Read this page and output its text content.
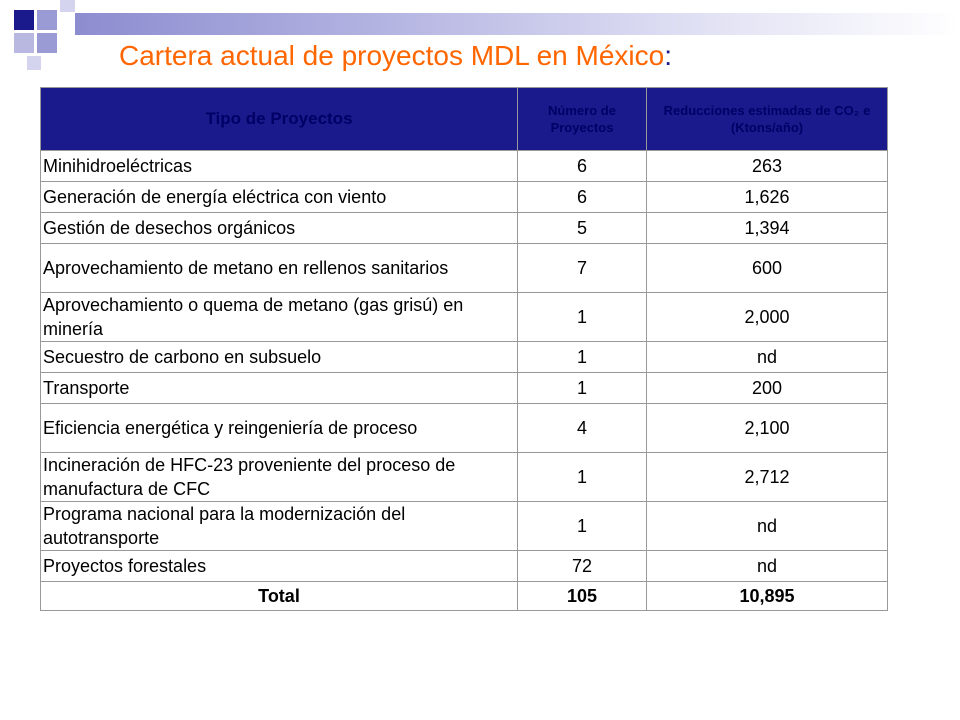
Cartera actual de proyectos MDL en México:
Tipo de Proyectos	Número de Proyectos	Reducciones estimadas de CO₂ e (Ktons/año)
Minihidroeléctricas	6	263
Generación de energía eléctrica con viento	6	1,626
Gestión de desechos orgánicos	5	1,394
Aprovechamiento de metano en rellenos sanitarios	7	600
Aprovechamiento o quema de metano (gas grisú) en minería	1	2,000
Secuestro de carbono en subsuelo	1	nd
Transporte	1	200
Eficiencia energética y reingeniería de proceso	4	2,100
Incineración de HFC-23 proveniente del proceso de manufactura de CFC	1	2,712
Programa nacional para la modernización del autotransporte	1	nd
Proyectos forestales	72	nd
Total	105	10,895
